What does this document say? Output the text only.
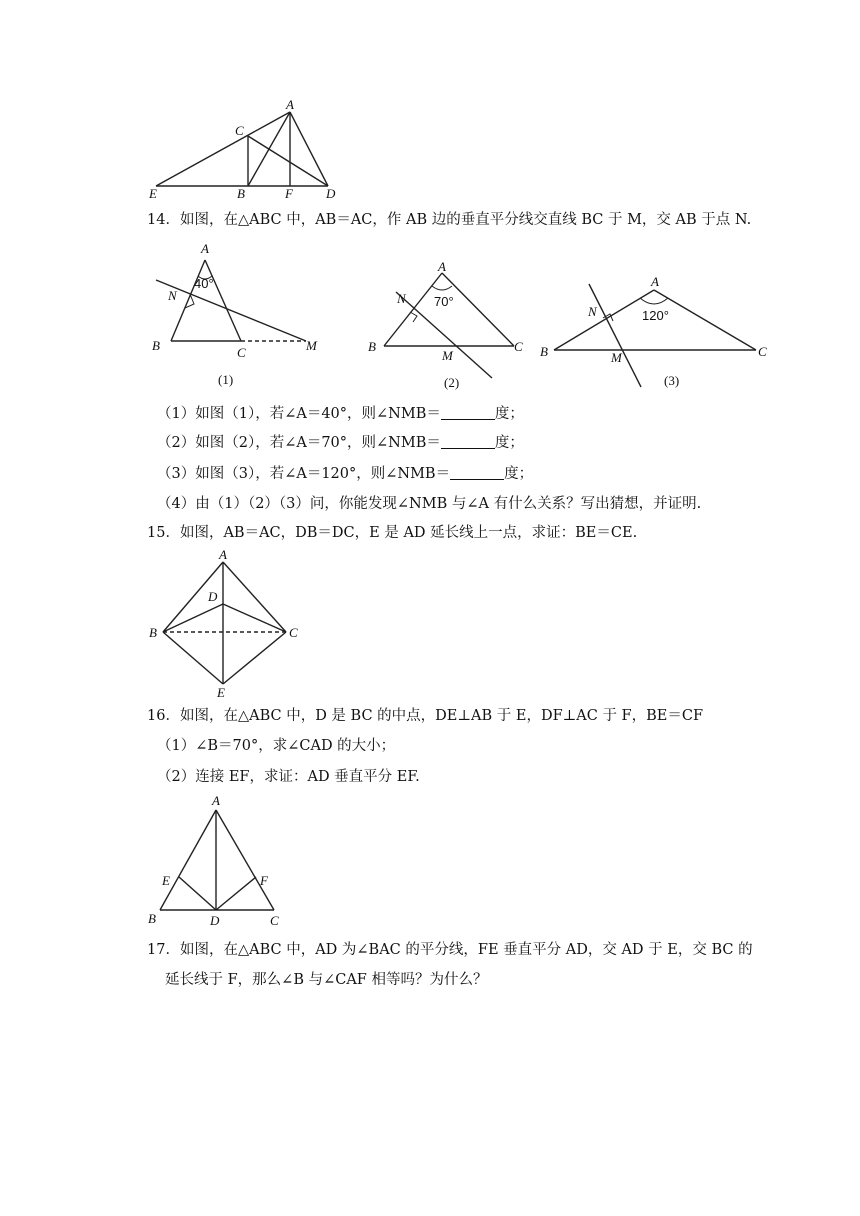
A
C
E	B	F	D
14．如图，在△ABC 中，AB＝AC，作 AB 边的垂直平分线交直线 BC 于 M，交 AB 于点 N.
A
N
B	C	M
40°
(1)
A
N
B
M
C
70°
(2)
A
N
B	M	C
120°
(3)
（1）如图（1），若∠A＝40°，则∠NMB＝	度；
（2）如图（2），若∠A＝70°，则∠NMB＝	度；
（3）如图（3），若∠A＝120°，则∠NMB＝	度；
（4）由（1）（2）（3）问，你能发现∠NMB 与∠A 有什么关系？写出猜想，并证明.
15．如图，AB＝AC，DB＝DC，E 是 AD 延长线上一点，求证：BE＝CE.
A
D
B	C
E
16．如图，在△ABC 中，D 是 BC 的中点，DE⊥AB 于 E，DF⊥AC 于 F，BE＝CF
（1）∠B＝70°，求∠CAD 的大小；
（2）连接 EF，求证：AD 垂直平分 EF.
A
E	F
B	D	C
17．如图，在△ABC 中，AD 为∠BAC 的平分线，FE 垂直平分 AD，交 AD 于 E，交 BC 的
延长线于 F，那么∠B 与∠CAF 相等吗？为什么？
